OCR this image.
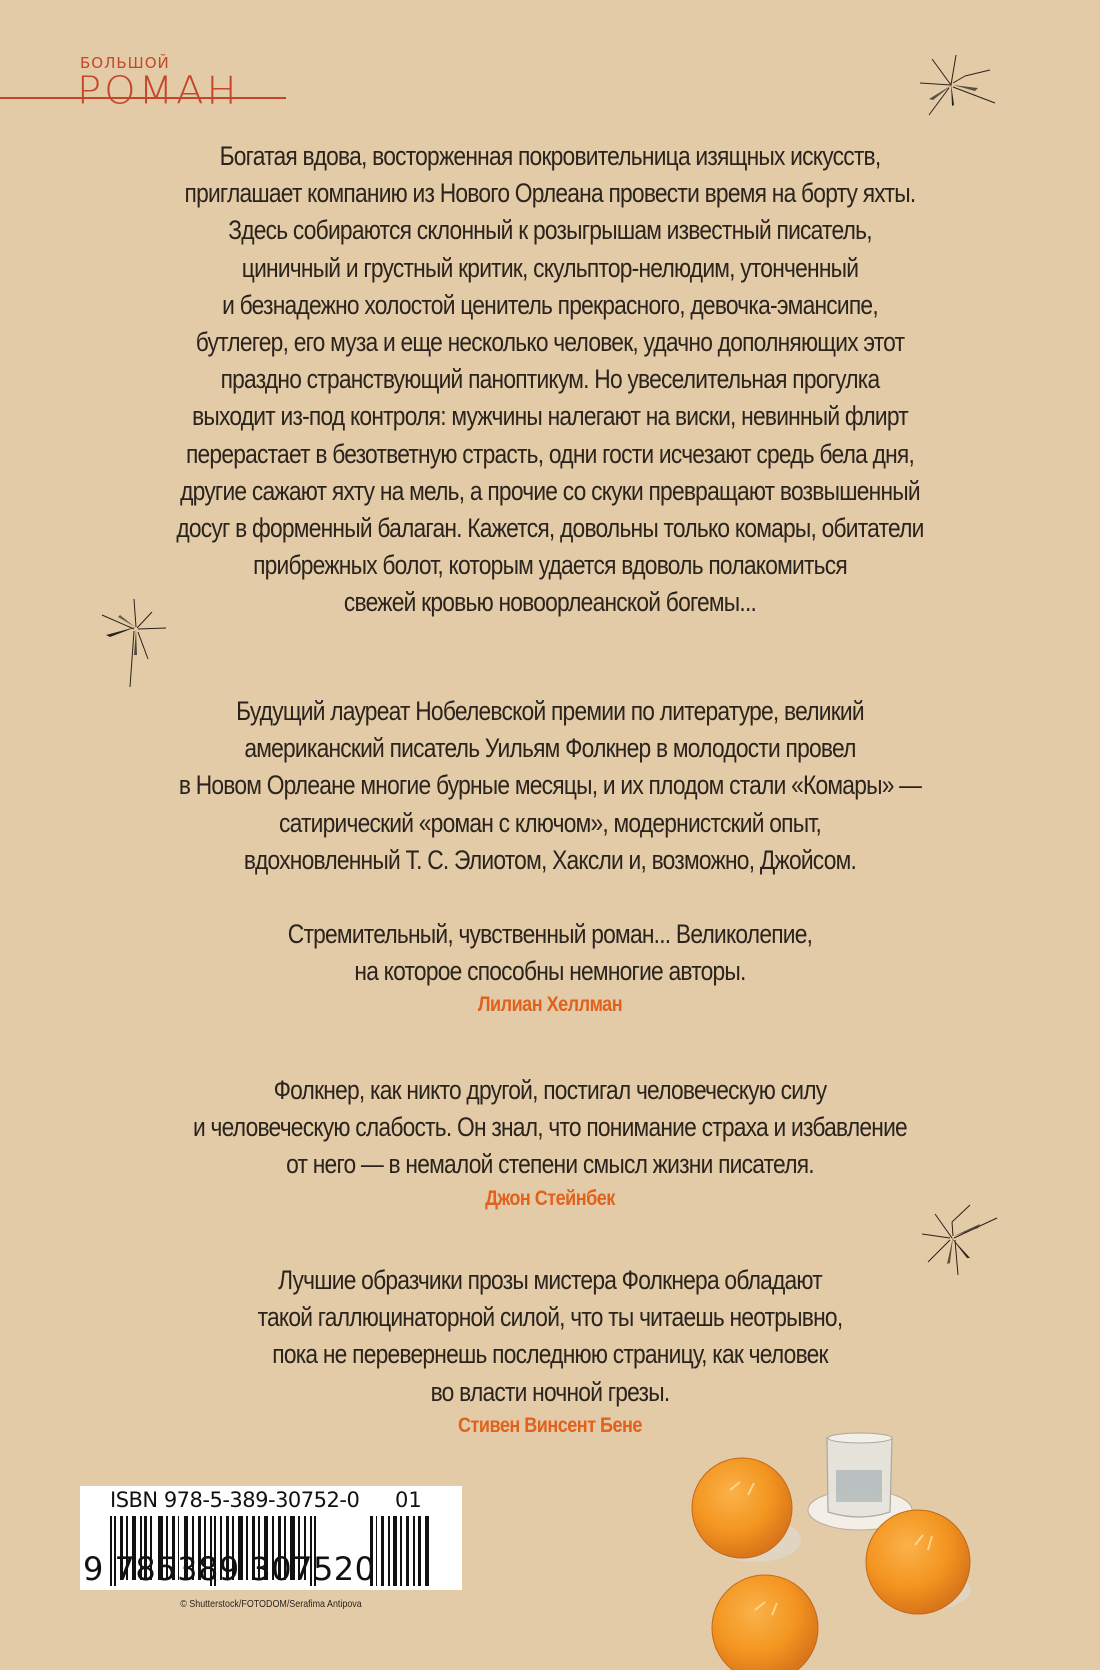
БОЛЬШОЙ
РОМАН
Богатая вдова, восторженная покровительница изящных искусств,
приглашает компанию из Нового Орлеана провести время на борту яхты.
Здесь собираются склонный к розыгрышам известный писатель,
циничный и грустный критик, скульптор-нелюдим, утонченный
и безнадежно холостой ценитель прекрасного, девочка-эмансипе,
бутлегер, его муза и еще несколько человек, удачно дополняющих этот
праздно странствующий паноптикум. Но увеселительная прогулка
выходит из-под контроля: мужчины налегают на виски, невинный флирт
перерастает в безответную страсть, одни гости исчезают средь бела дня,
другие сажают яхту на мель, а прочие со скуки превращают возвышенный
досуг в форменный балаган. Кажется, довольны только комары, обитатели
прибрежных болот, которым удается вдоволь полакомиться
свежей кровью новоорлеанской богемы...
Будущий лауреат Нобелевской премии по литературе, великий
американский писатель Уильям Фолкнер в молодости провел
в Новом Орлеане многие бурные месяцы, и их плодом стали «Комары» —
сатирический «роман с ключом», модернистский опыт,
вдохновленный Т. С. Элиотом, Хаксли и, возможно, Джойсом.
Стремительный, чувственный роман... Великолепие,
на которое способны немногие авторы.
Лилиан Хеллман
Фолкнер, как никто другой, постигал человеческую силу
и человеческую слабость. Он знал, что понимание страха и избавление
от него — в немалой степени смысл жизни писателя.
Джон Стейнбек
Лучшие образчики прозы мистера Фолкнера обладают
такой галлюцинаторной силой, что ты читаешь неотрывно,
пока не перевернешь последнюю страницу, как человек
во власти ночной грезы.
Стивен Винсент Бене
ISBN 978-5-389-30752-0 01
9 785389 307520
© Shutterstock/FOTODOM/Serafima Antipova
